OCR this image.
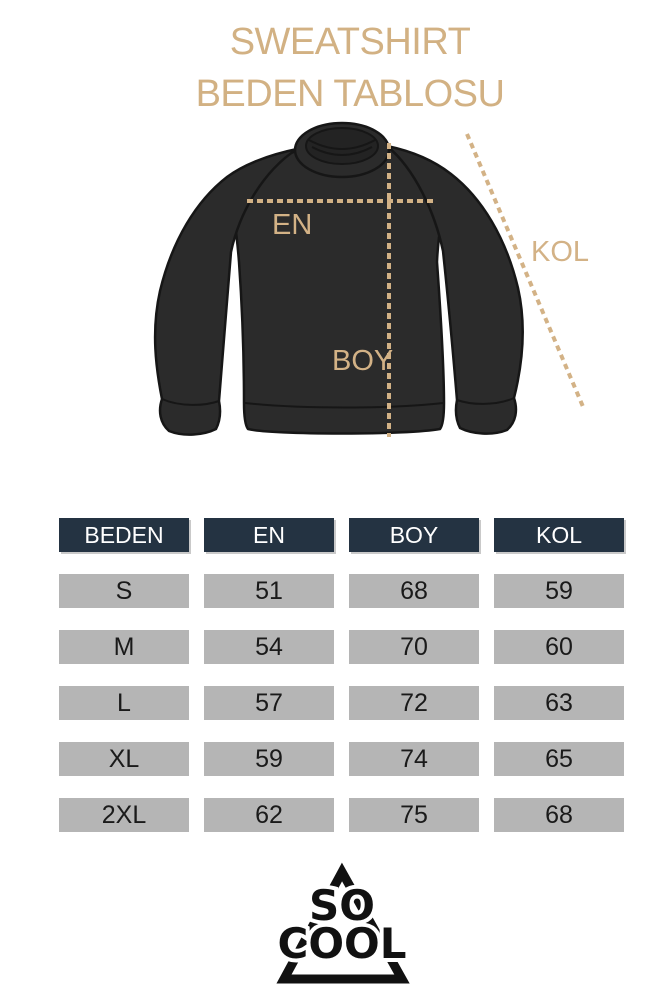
SWEATSHIRT
BEDEN TABLOSU
EN
BOY
KOL
BEDEN	EN	BOY	KOL
S	51	68	59
M	54	70	60
L	57	72	63
XL	59	74	65
2XL	62	75	68
SO
COOL
